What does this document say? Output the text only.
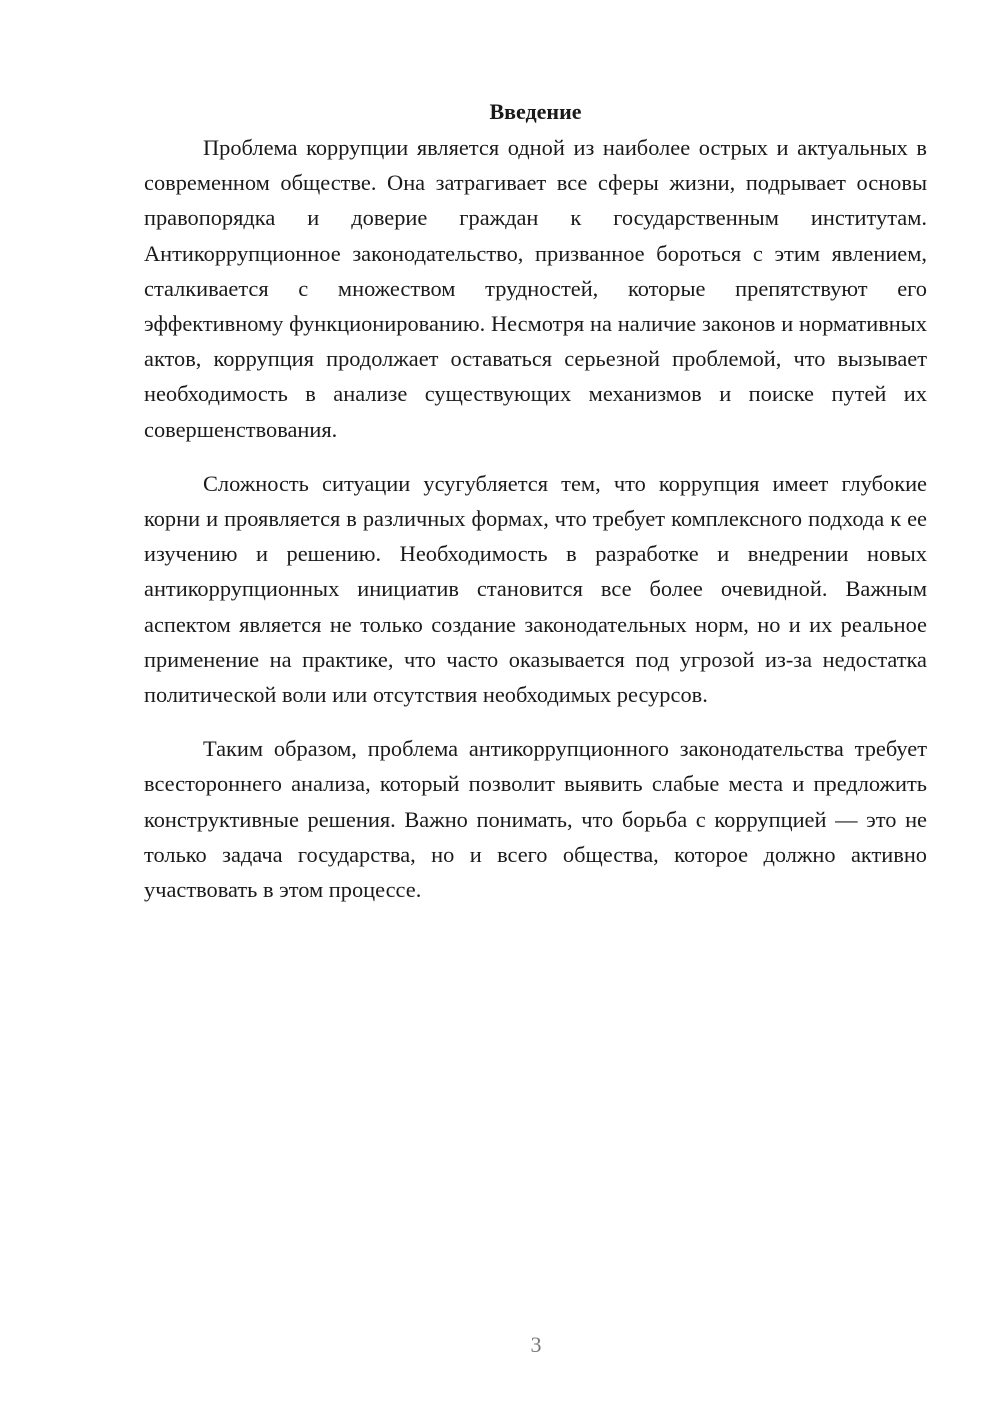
Введение

Проблема коррупции является одной из наиболее острых и актуальных в современном обществе. Она затрагивает все сферы жизни, подрывает основы правопорядка и доверие граждан к государственным институтам. Антикоррупционное законодательство, призванное бороться с этим явлением, сталкивается с множеством трудностей, которые препятствуют его эффективному функционированию. Несмотря на наличие законов и нормативных актов, коррупция продолжает оставаться серьезной проблемой, что вызывает необходимость в анализе существующих механизмов и поиске путей их совершенствования.

Сложность ситуации усугубляется тем, что коррупция имеет глубокие корни и проявляется в различных формах, что требует комплексного подхода к ее изучению и решению. Необходимость в разработке и внедрении новых антикоррупционных инициатив становится все более очевидной. Важным аспектом является не только создание законодательных норм, но и их реальное применение на практике, что часто оказывается под угрозой из-за недостатка политической воли или отсутствия необходимых ресурсов.

Таким образом, проблема антикоррупционного законодательства требует всестороннего анализа, который позволит выявить слабые места и предложить конструктивные решения. Важно понимать, что борьба с коррупцией — это не только задача государства, но и всего общества, которое должно активно участвовать в этом процессе.

3
